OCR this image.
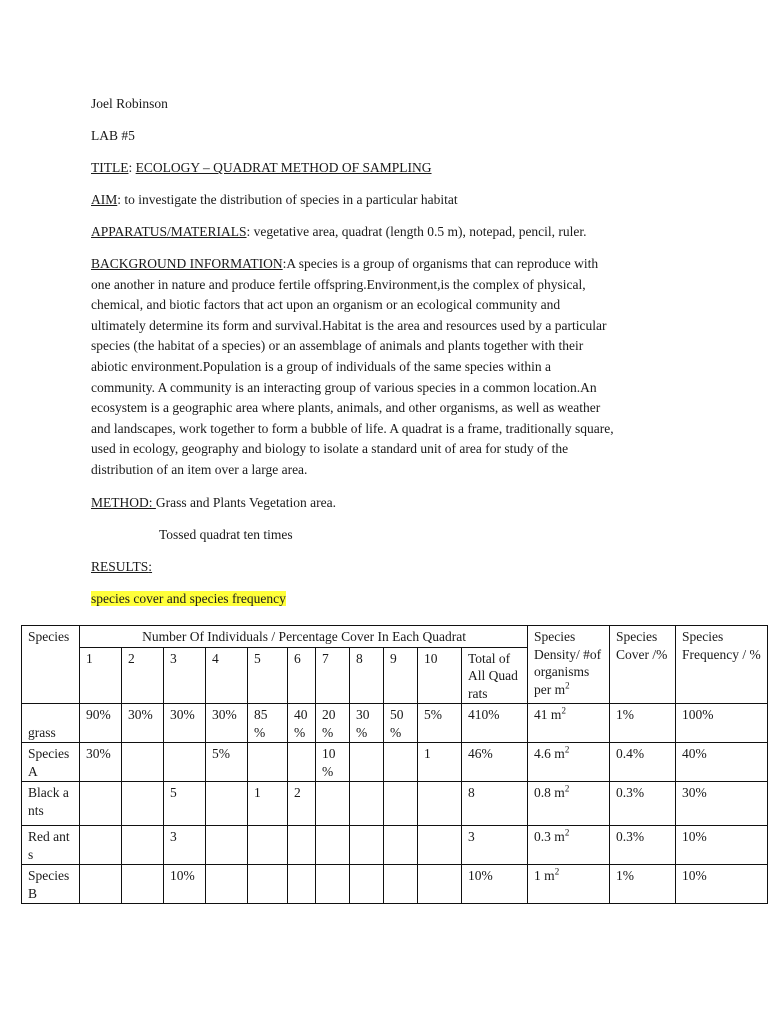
Joel Robinson

LAB #5

TITLE: ECOLOGY – QUADRAT METHOD OF SAMPLING

AIM: to investigate the distribution of species in a particular habitat

APPARATUS/MATERIALS: vegetative area, quadrat (length 0.5 m), notepad, pencil, ruler.

BACKGROUND INFORMATION:A species is a group of organisms that can reproduce with
one another in nature and produce fertile offspring.Environment,is the complex of physical,
chemical, and biotic factors that act upon an organism or an ecological community and
ultimately determine its form and survival.Habitat is the area and resources used by a particular
species (the habitat of a species) or an assemblage of animals and plants together with their
abiotic environment.Population is a group of individuals of the same species within a
community. A community is an interacting group of various species in a common location.An
ecosystem is a geographic area where plants, animals, and other organisms, as well as weather
and landscapes, work together to form a bubble of life. A quadrat is a frame, traditionally square,
used in ecology, geography and biology to isolate a standard unit of area for study of the
distribution of an item over a large area.

METHOD: Grass and Plants Vegetation area.

Tossed quadrat ten times

RESULTS:

species cover and species frequency

Species	Number Of Individuals / Percentage Cover In Each Quadrat											Species Density/ #of organisms per $m^2$	Species Cover /%	Species Frequency / %
	1	2	3	4	5	6	7	8	9	10	Total of All Quadrats			
grass	90%	30%	30%	30%	85 %	40 %	20 %	30 %	50 %	5%	410%	41 $m^2$	1%	100%
Species A	30%			5%			10 %			1	46%	4.6 $m^2$	0.4%	40%
Black ants			5		1	2					8	0.8 $m^2$	0.3%	30%
Red ants			3								3	0.3 $m^2$	0.3%	10%
Species B			10%								10%	1 $m^2$	1%	10%
